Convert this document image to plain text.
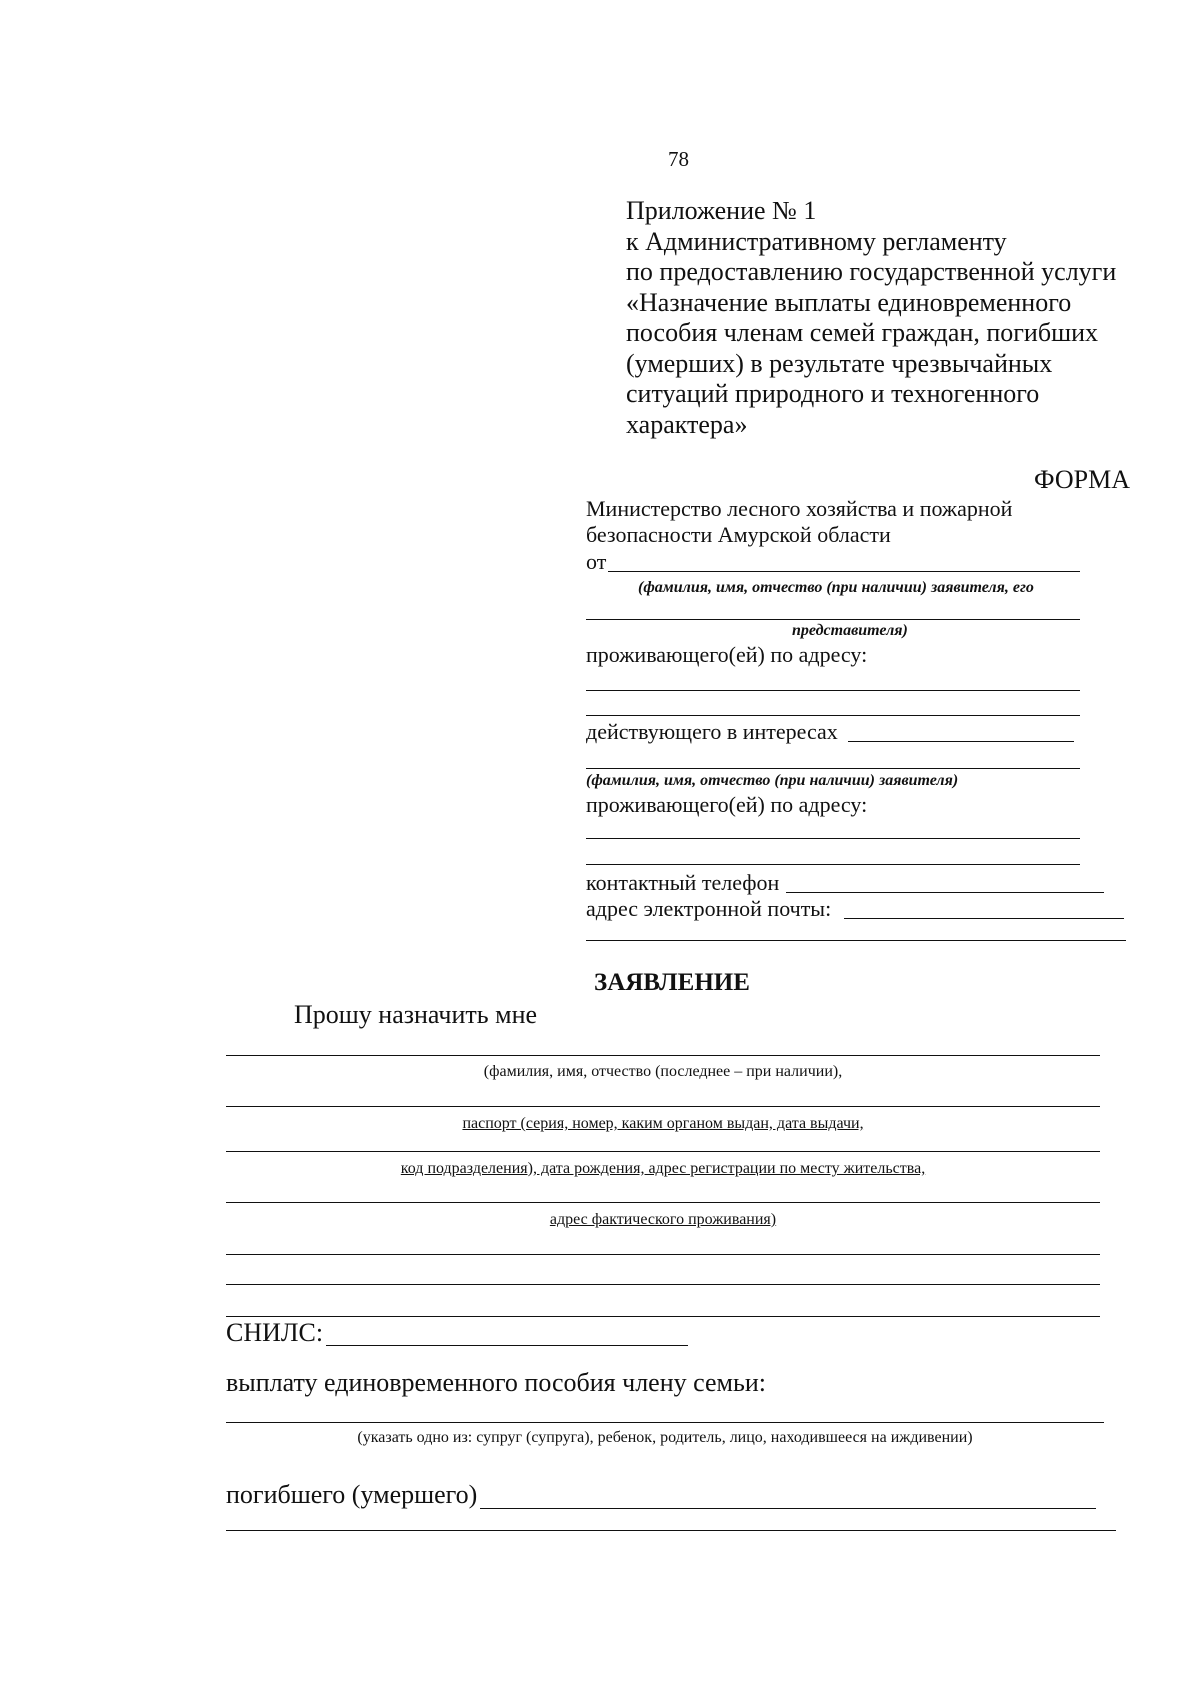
78
Приложение № 1
к Административному регламенту
по предоставлению государственной услуги
«Назначение выплаты единовременного
пособия членам семей граждан, погибших
(умерших) в результате чрезвычайных
ситуаций природного и техногенного
характера»
ФОРМА
Министерство лесного хозяйства и пожарной
безопасности Амурской области
от
(фамилия, имя, отчество (при наличии) заявителя, его
представителя)
проживающего(ей) по адресу:
действующего в интересах
(фамилия, имя, отчество (при наличии) заявителя)
проживающего(ей) по адресу:
контактный телефон
адрес электронной почты:
ЗАЯВЛЕНИЕ
Прошу назначить мне
(фамилия, имя, отчество (последнее – при наличии),
паспорт (серия, номер, каким органом выдан, дата выдачи,
код подразделения), дата рождения, адрес регистрации по месту жительства,
адрес фактического проживания)
СНИЛС:
выплату единовременного пособия члену семьи:
(указать одно из: супруг (супруга), ребенок, родитель, лицо, находившееся на иждивении)
погибшего (умершего)
